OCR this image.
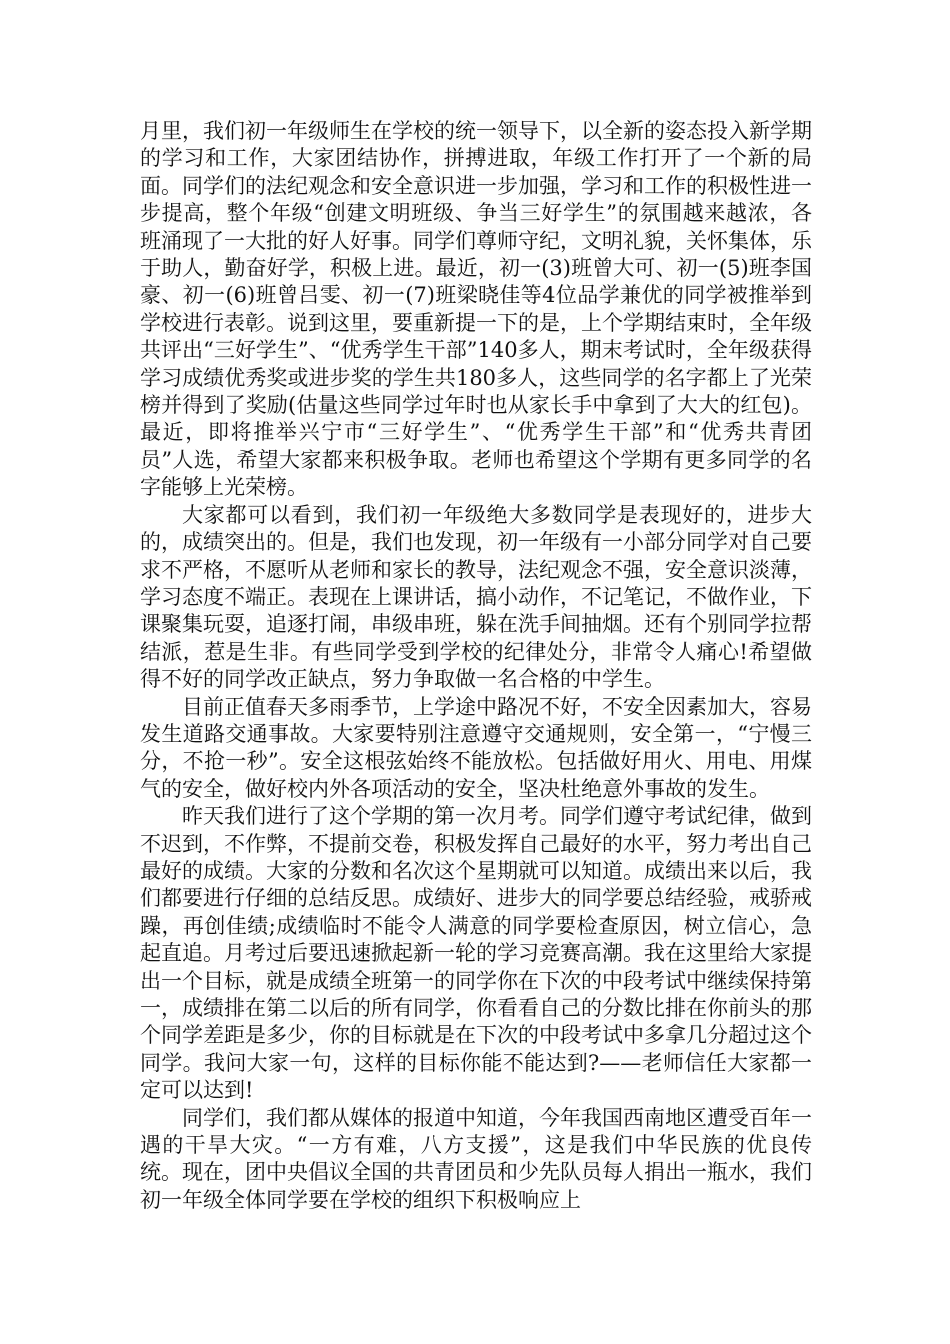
月里，我们初一年级师生在学校的统一领导下，以全新的姿态投入新学期的学习和工作，大家团结协作，拼搏进取，年级工作打开了一个新的局面。同学们的法纪观念和安全意识进一步加强，学习和工作的积极性进一步提高，整个年级“创建文明班级、争当三好学生”的氛围越来越浓，各班涌现了一大批的好人好事。同学们尊师守纪，文明礼貌，关怀集体，乐于助人，勤奋好学，积极上进。最近，初一(3)班曾大可、初一(5)班李国豪、初一(6)班曾吕雯、初一(7)班梁晓佳等4位品学兼优的同学被推举到学校进行表彰。说到这里，要重新提一下的是，上个学期结束时，全年级共评出“三好学生”、“优秀学生干部”140多人，期末考试时，全年级获得学习成绩优秀奖或进步奖的学生共180多人，这些同学的名字都上了光荣榜并得到了奖励(估量这些同学过年时也从家长手中拿到了大大的红包)。最近，即将推举兴宁市“三好学生”、“优秀学生干部”和“优秀共青团员”人选，希望大家都来积极争取。老师也希望这个学期有更多同学的名字能够上光荣榜。

大家都可以看到，我们初一年级绝大多数同学是表现好的，进步大的，成绩突出的。但是，我们也发现，初一年级有一小部分同学对自己要求不严格，不愿听从老师和家长的教导，法纪观念不强，安全意识淡薄，学习态度不端正。表现在上课讲话，搞小动作，不记笔记，不做作业，下课聚集玩耍，追逐打闹，串级串班，躲在洗手间抽烟。还有个别同学拉帮结派，惹是生非。有些同学受到学校的纪律处分，非常令人痛心!希望做得不好的同学改正缺点，努力争取做一名合格的中学生。

目前正值春天多雨季节，上学途中路况不好，不安全因素加大，容易发生道路交通事故。大家要特别注意遵守交通规则，安全第一，“宁慢三分，不抢一秒”。安全这根弦始终不能放松。包括做好用火、用电、用煤气的安全，做好校内外各项活动的安全，坚决杜绝意外事故的发生。

昨天我们进行了这个学期的第一次月考。同学们遵守考试纪律，做到不迟到，不作弊，不提前交卷，积极发挥自己最好的水平，努力考出自己最好的成绩。大家的分数和名次这个星期就可以知道。成绩出来以后，我们都要进行仔细的总结反思。成绩好、进步大的同学要总结经验，戒骄戒躁，再创佳绩;成绩临时不能令人满意的同学要检查原因，树立信心，急起直追。月考过后要迅速掀起新一轮的学习竞赛高潮。我在这里给大家提出一个目标，就是成绩全班第一的同学你在下次的中段考试中继续保持第一，成绩排在第二以后的所有同学，你看看自己的分数比排在你前头的那个同学差距是多少，你的目标就是在下次的中段考试中多拿几分超过这个同学。我问大家一句，这样的目标你能不能达到?——老师信任大家都一定可以达到!

同学们，我们都从媒体的报道中知道，今年我国西南地区遭受百年一遇的干旱大灾。“一方有难，八方支援”，这是我们中华民族的优良传统。现在，团中央倡议全国的共青团员和少先队员每人捐出一瓶水，我们初一年级全体同学要在学校的组织下积极响应上
